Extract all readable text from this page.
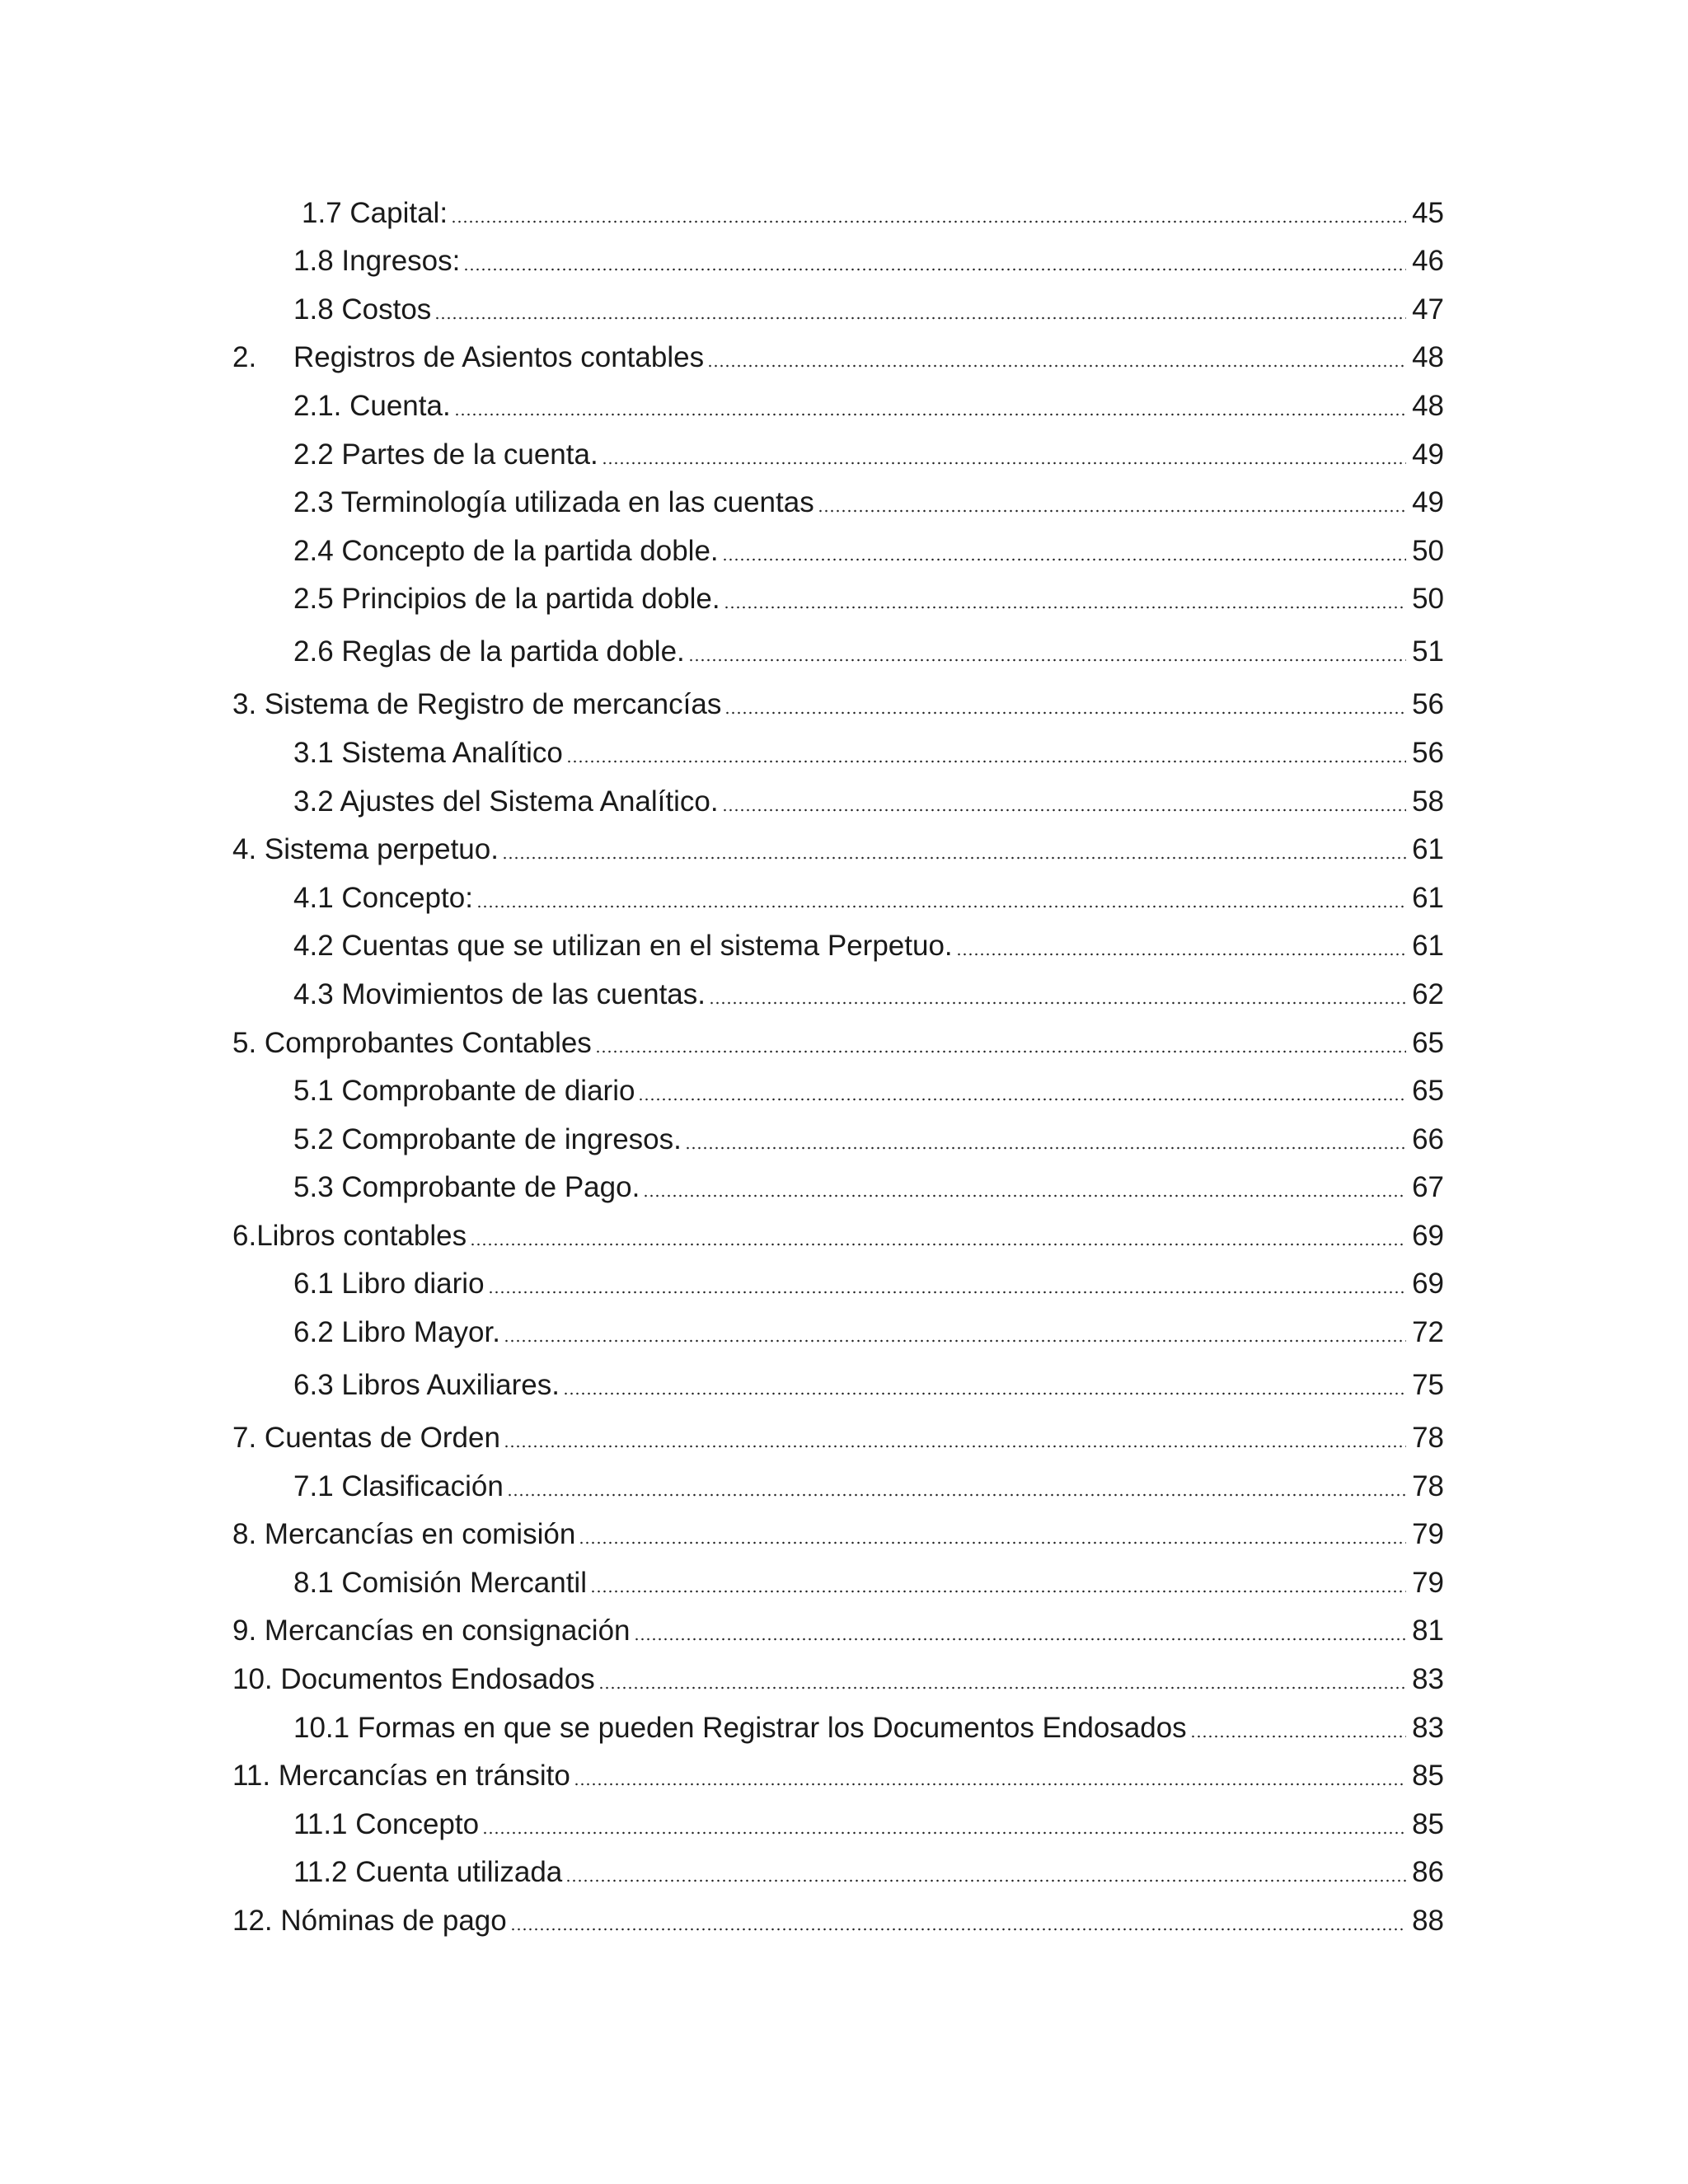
1.7 Capital:	45
1.8 Ingresos:	46
1.8 Costos	47
2.	Registros de Asientos contables	48
2.1. Cuenta.	48
2.2 Partes de la cuenta.	49
2.3 Terminología utilizada en las cuentas	49
2.4 Concepto de la partida doble.	50
2.5 Principios de la partida doble.	50
2.6 Reglas de la partida doble.	51
3. Sistema de Registro de mercancías	56
3.1 Sistema Analítico	56
3.2 Ajustes del Sistema Analítico.	58
4. Sistema perpetuo.	61
4.1 Concepto:	61
4.2 Cuentas que se utilizan en el sistema Perpetuo.	61
4.3 Movimientos de las cuentas.	62
5. Comprobantes Contables	65
5.1 Comprobante de diario	65
5.2 Comprobante de ingresos.	66
5.3 Comprobante de Pago.	67
6.Libros contables	69
6.1 Libro diario	69
6.2 Libro Mayor.	72
6.3 Libros Auxiliares.	75
7. Cuentas de Orden	78
7.1 Clasificación	78
8. Mercancías en comisión	79
8.1 Comisión Mercantil	79
9. Mercancías en consignación	81
10. Documentos Endosados	83
10.1 Formas en que se pueden Registrar los Documentos Endosados	83
11. Mercancías en tránsito	85
11.1 Concepto	85
11.2 Cuenta utilizada	86
12. Nóminas de pago	88
